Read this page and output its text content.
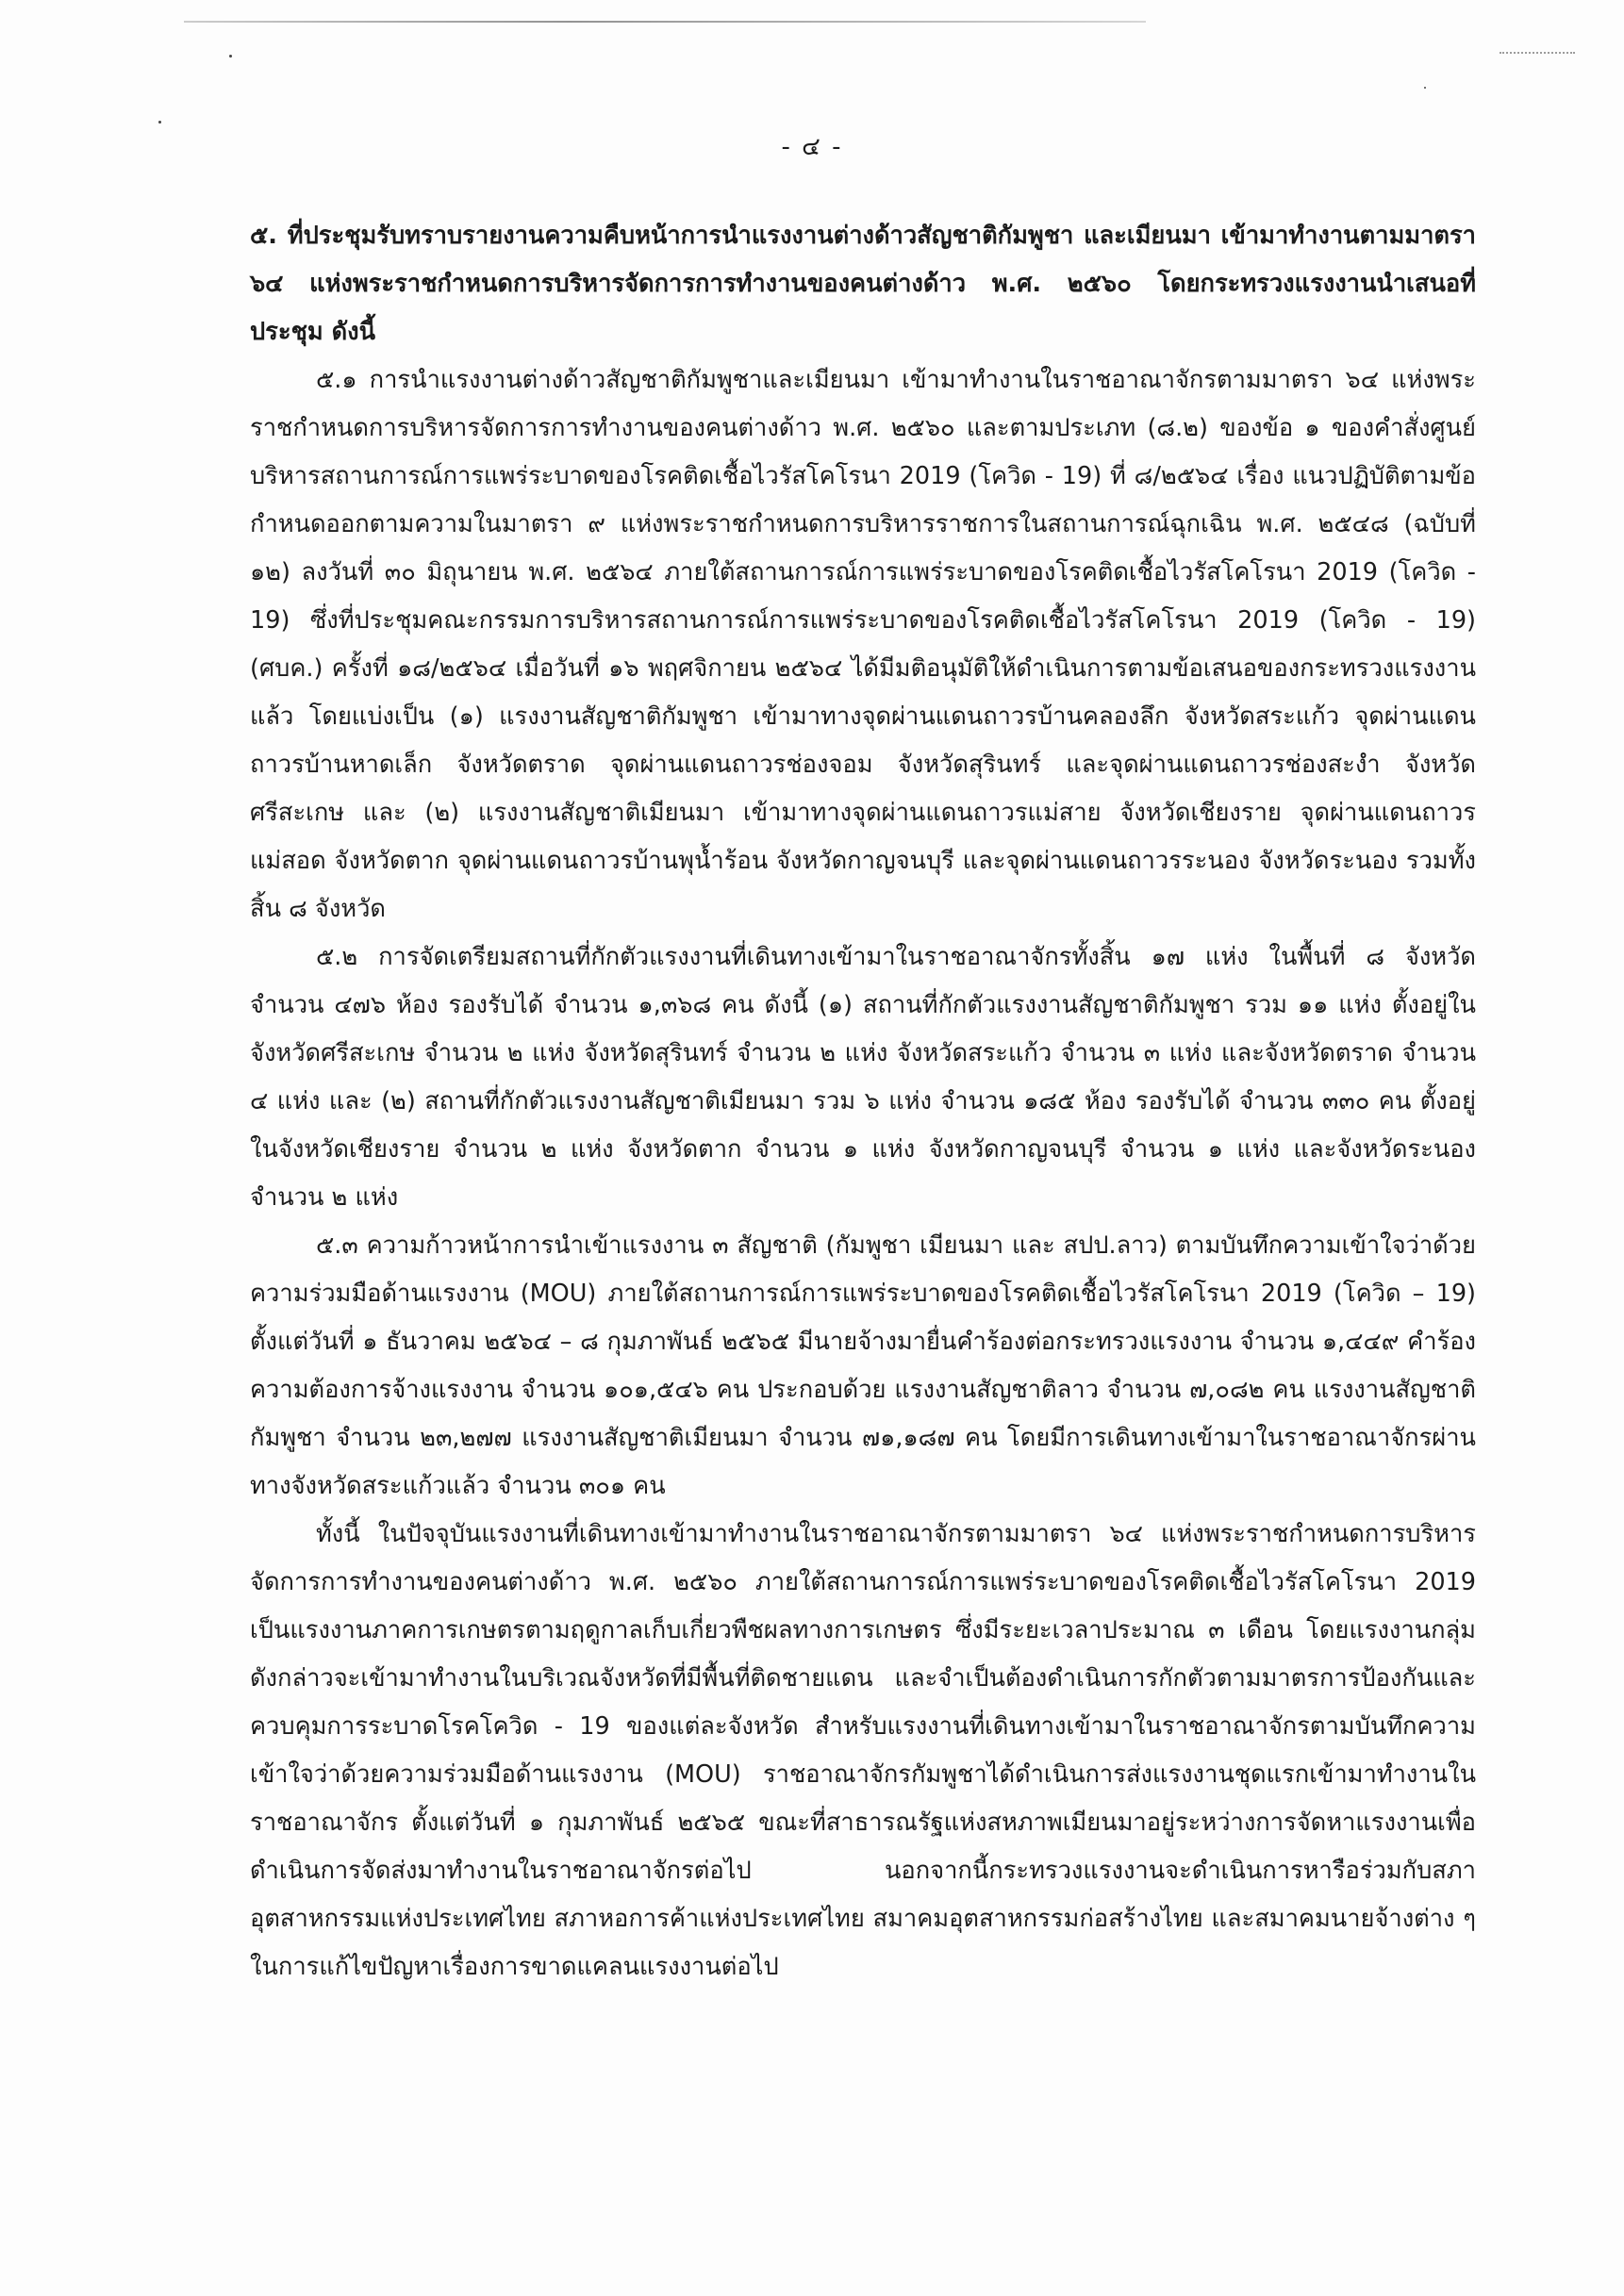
- ๔ -

๕. ที่ประชุมรับทราบรายงานความคืบหน้าการนำแรงงานต่างด้าวสัญชาติกัมพูชา และเมียนมา เข้ามาทำงานตามมาตรา ๖๔ แห่งพระราชกำหนดการบริหารจัดการการทำงานของคนต่างด้าว พ.ศ. ๒๕๖๐ โดยกระทรวงแรงงานนำเสนอที่ประชุม ดังนี้

๕.๑ การนำแรงงานต่างด้าวสัญชาติกัมพูชาและเมียนมา เข้ามาทำงานในราชอาณาจักรตามมาตรา ๖๔ แห่งพระราชกำหนดการบริหารจัดการการทำงานของคนต่างด้าว พ.ศ. ๒๕๖๐ และตามประเภท (๘.๒) ของข้อ ๑ ของคำสั่งศูนย์บริหารสถานการณ์การแพร่ระบาดของโรคติดเชื้อไวรัสโคโรนา 2019 (โควิด - 19) ที่ ๘/๒๕๖๔ เรื่อง แนวปฏิบัติตามข้อกำหนดออกตามความในมาตรา ๙ แห่งพระราชกำหนดการบริหารราชการในสถานการณ์ฉุกเฉิน พ.ศ. ๒๕๔๘ (ฉบับที่ ๑๒) ลงวันที่ ๓๐ มิถุนายน พ.ศ. ๒๕๖๔ ภายใต้สถานการณ์การแพร่ระบาดของโรคติดเชื้อไวรัสโคโรนา 2019 (โควิด - 19) ซึ่งที่ประชุมคณะกรรมการบริหารสถานการณ์การแพร่ระบาดของโรคติดเชื้อไวรัสโคโรนา 2019 (โควิด - 19) (ศบค.) ครั้งที่ ๑๘/๒๕๖๔ เมื่อวันที่ ๑๖ พฤศจิกายน ๒๕๖๔ ได้มีมติอนุมัติให้ดำเนินการตามข้อเสนอของกระทรวงแรงงานแล้ว โดยแบ่งเป็น (๑) แรงงานสัญชาติกัมพูชา เข้ามาทางจุดผ่านแดนถาวรบ้านคลองลึก จังหวัดสระแก้ว จุดผ่านแดนถาวรบ้านหาดเล็ก จังหวัดตราด จุดผ่านแดนถาวรช่องจอม จังหวัดสุรินทร์ และจุดผ่านแดนถาวรช่องสะงำ จังหวัดศรีสะเกษ และ (๒) แรงงานสัญชาติเมียนมา เข้ามาทางจุดผ่านแดนถาวรแม่สาย จังหวัดเชียงราย จุดผ่านแดนถาวรแม่สอด จังหวัดตาก จุดผ่านแดนถาวรบ้านพุน้ำร้อน จังหวัดกาญจนบุรี และจุดผ่านแดนถาวรระนอง จังหวัดระนอง รวมทั้งสิ้น ๘ จังหวัด

๕.๒ การจัดเตรียมสถานที่กักตัวแรงงานที่เดินทางเข้ามาในราชอาณาจักรทั้งสิ้น ๑๗ แห่ง ในพื้นที่ ๘ จังหวัด จำนวน ๔๗๖ ห้อง รองรับได้ จำนวน ๑,๓๖๘ คน ดังนี้ (๑) สถานที่กักตัวแรงงานสัญชาติกัมพูชา รวม ๑๑ แห่ง ตั้งอยู่ในจังหวัดศรีสะเกษ จำนวน ๒ แห่ง จังหวัดสุรินทร์ จำนวน ๒ แห่ง จังหวัดสระแก้ว จำนวน ๓ แห่ง และจังหวัดตราด จำนวน ๔ แห่ง และ (๒) สถานที่กักตัวแรงงานสัญชาติเมียนมา รวม ๖ แห่ง จำนวน ๑๘๕ ห้อง รองรับได้ จำนวน ๓๓๐ คน ตั้งอยู่ในจังหวัดเชียงราย จำนวน ๒ แห่ง จังหวัดตาก จำนวน ๑ แห่ง จังหวัดกาญจนบุรี จำนวน ๑ แห่ง และจังหวัดระนอง จำนวน ๒ แห่ง

๕.๓ ความก้าวหน้าการนำเข้าแรงงาน ๓ สัญชาติ (กัมพูชา เมียนมา และ สปป.ลาว) ตามบันทึกความเข้าใจว่าด้วยความร่วมมือด้านแรงงาน (MOU) ภายใต้สถานการณ์การแพร่ระบาดของโรคติดเชื้อไวรัสโคโรนา 2019 (โควิด – 19) ตั้งแต่วันที่ ๑ ธันวาคม ๒๕๖๔ – ๘ กุมภาพันธ์ ๒๕๖๕ มีนายจ้างมายื่นคำร้องต่อกระทรวงแรงงาน จำนวน ๑,๔๔๙ คำร้อง ความต้องการจ้างแรงงาน จำนวน ๑๐๑,๕๔๖ คน ประกอบด้วย แรงงานสัญชาติลาว จำนวน ๗,๐๘๒ คน แรงงานสัญชาติกัมพูชา จำนวน ๒๓,๒๗๗ แรงงานสัญชาติเมียนมา จำนวน ๗๑,๑๘๗ คน โดยมีการเดินทางเข้ามาในราชอาณาจักรผ่านทางจังหวัดสระแก้วแล้ว จำนวน ๓๐๑ คน

ทั้งนี้ ในปัจจุบันแรงงานที่เดินทางเข้ามาทำงานในราชอาณาจักรตามมาตรา ๖๔ แห่งพระราชกำหนดการบริหารจัดการการทำงานของคนต่างด้าว พ.ศ. ๒๕๖๐ ภายใต้สถานการณ์การแพร่ระบาดของโรคติดเชื้อไวรัสโคโรนา 2019 เป็นแรงงานภาคการเกษตรตามฤดูกาลเก็บเกี่ยวพืชผลทางการเกษตร ซึ่งมีระยะเวลาประมาณ ๓ เดือน โดยแรงงานกลุ่มดังกล่าวจะเข้ามาทำงานในบริเวณจังหวัดที่มีพื้นที่ติดชายแดน และจำเป็นต้องดำเนินการกักตัวตามมาตรการป้องกันและควบคุมการระบาดโรคโควิด - 19 ของแต่ละจังหวัด สำหรับแรงงานที่เดินทางเข้ามาในราชอาณาจักรตามบันทึกความเข้าใจว่าด้วยความร่วมมือด้านแรงงาน (MOU) ราชอาณาจักรกัมพูชาได้ดำเนินการส่งแรงงานชุดแรกเข้ามาทำงานในราชอาณาจักร ตั้งแต่วันที่ ๑ กุมภาพันธ์ ๒๕๖๕ ขณะที่สาธารณรัฐแห่งสหภาพเมียนมาอยู่ระหว่างการจัดหาแรงงานเพื่อดำเนินการจัดส่งมาทำงานในราชอาณาจักรต่อไป นอกจากนี้กระทรวงแรงงานจะดำเนินการหารือร่วมกับสภาอุตสาหกรรมแห่งประเทศไทย สภาหอการค้าแห่งประเทศไทย สมาคมอุตสาหกรรมก่อสร้างไทย และสมาคมนายจ้างต่าง ๆ ในการแก้ไขปัญหาเรื่องการขาดแคลนแรงงานต่อไป
